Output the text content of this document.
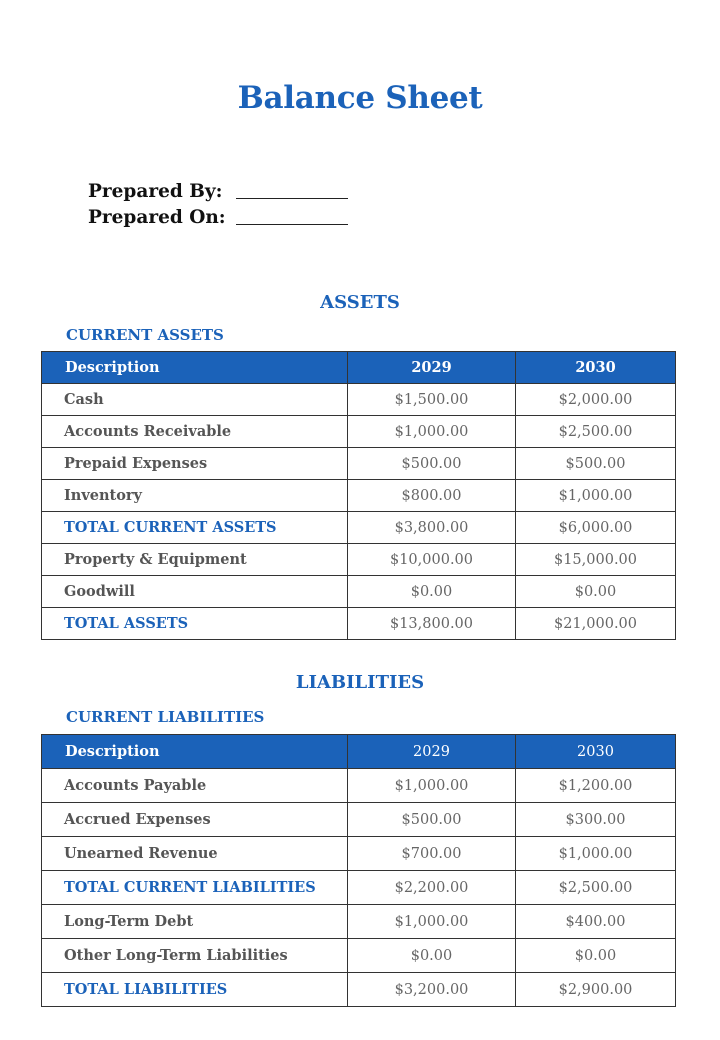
Balance Sheet
Prepared By:
Prepared On:
ASSETS
CURRENT ASSETS
Description	2029	2030
Cash	$1,500.00	$2,000.00
Accounts Receivable	$1,000.00	$2,500.00
Prepaid Expenses	$500.00	$500.00
Inventory	$800.00	$1,000.00
TOTAL CURRENT ASSETS	$3,800.00	$6,000.00
Property & Equipment	$10,000.00	$15,000.00
Goodwill	$0.00	$0.00
TOTAL ASSETS	$13,800.00	$21,000.00
LIABILITIES
CURRENT LIABILITIES
Description	2029	2030
Accounts Payable	$1,000.00	$1,200.00
Accrued Expenses	$500.00	$300.00
Unearned Revenue	$700.00	$1,000.00
TOTAL CURRENT LIABILITIES	$2,200.00	$2,500.00
Long-Term Debt	$1,000.00	$400.00
Other Long-Term Liabilities	$0.00	$0.00
TOTAL LIABILITIES	$3,200.00	$2,900.00
